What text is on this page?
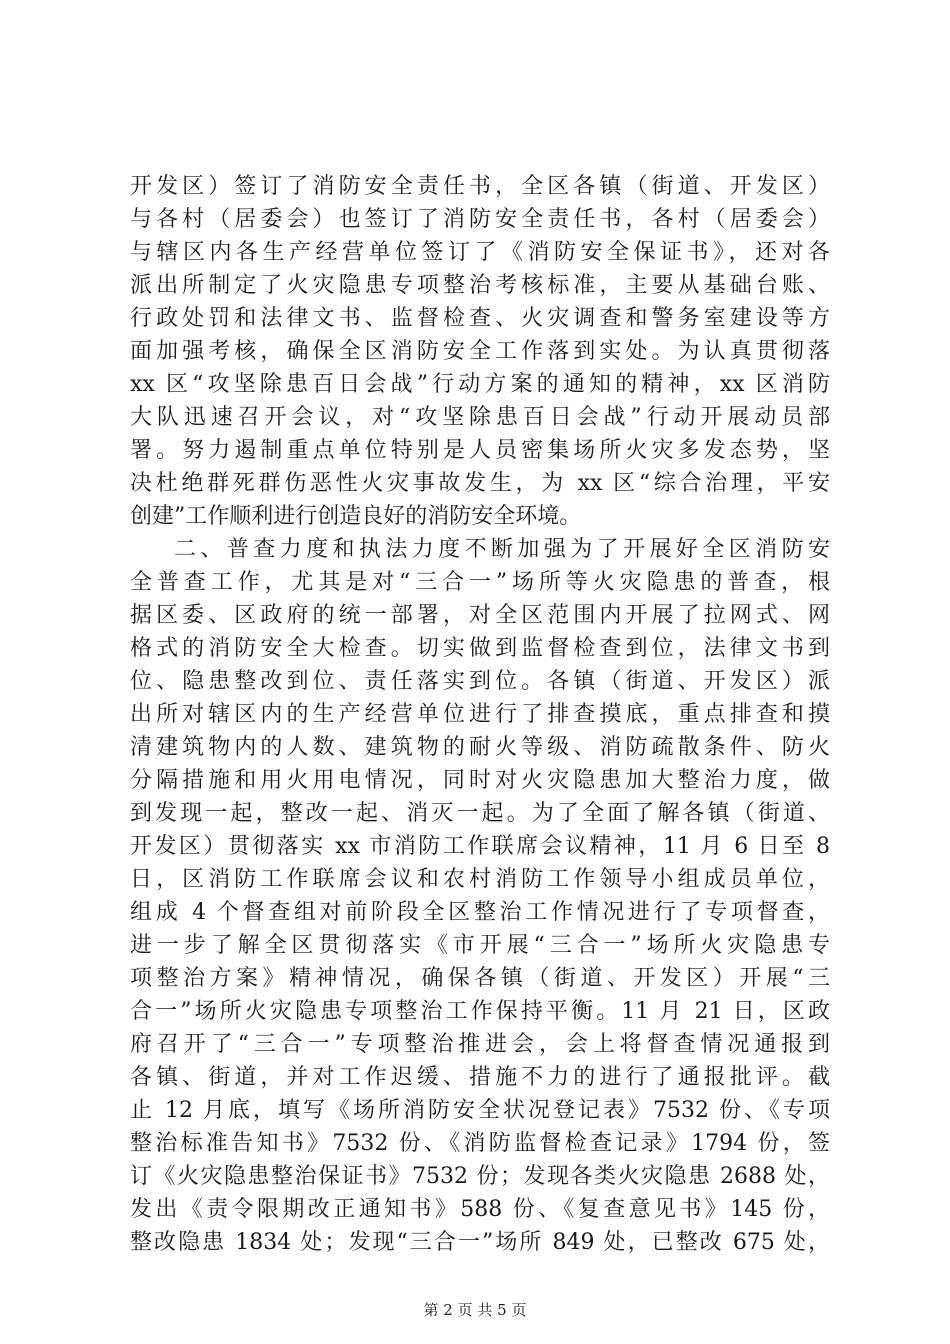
开发区）签订了消防安全责任书，全区各镇（街道、开发区）
与各村（居委会）也签订了消防安全责任书，各村（居委会）
与辖区内各生产经营单位签订了《消防安全保证书》，还对各
派出所制定了火灾隐患专项整治考核标准，主要从基础台账、
行政处罚和法律文书、监督检查、火灾调查和警务室建设等方
面加强考核，确保全区消防安全工作落到实处。为认真贯彻落
xx 区“攻坚除患百日会战”行动方案的通知的精神，xx 区消防
大队迅速召开会议，对“攻坚除患百日会战”行动开展动员部
署。努力遏制重点单位特别是人员密集场所火灾多发态势，坚
决杜绝群死群伤恶性火灾事故发生，为 xx 区“综合治理，平安
创建”工作顺利进行创造良好的消防安全环境。
二、普查力度和执法力度不断加强为了开展好全区消防安
全普查工作，尤其是对“三合一”场所等火灾隐患的普查，根
据区委、区政府的统一部署，对全区范围内开展了拉网式、网
格式的消防安全大检查。切实做到监督检查到位，法律文书到
位、隐患整改到位、责任落实到位。各镇（街道、开发区）派
出所对辖区内的生产经营单位进行了排查摸底，重点排查和摸
清建筑物内的人数、建筑物的耐火等级、消防疏散条件、防火
分隔措施和用火用电情况，同时对火灾隐患加大整治力度，做
到发现一起，整改一起、消灭一起。为了全面了解各镇（街道、
开发区）贯彻落实 xx 市消防工作联席会议精神，11 月 6 日至 8
日，区消防工作联席会议和农村消防工作领导小组成员单位，
组成 4 个督查组对前阶段全区整治工作情况进行了专项督查，
进一步了解全区贯彻落实《市开展“三合一”场所火灾隐患专
项整治方案》精神情况，确保各镇（街道、开发区）开展“三
合一”场所火灾隐患专项整治工作保持平衡。11 月 21 日，区政
府召开了“三合一”专项整治推进会，会上将督查情况通报到
各镇、街道，并对工作迟缓、措施不力的进行了通报批评。截
止 12 月底，填写《场所消防安全状况登记表》7532 份、《专项
整治标准告知书》7532 份、《消防监督检查记录》1794 份，签
订《火灾隐患整治保证书》7532 份；发现各类火灾隐患 2688 处，
发出《责令限期改正通知书》588 份、《复查意见书》145 份，
整改隐患 1834 处；发现“三合一”场所 849 处，已整改 675 处，
第 2 页 共 5 页
